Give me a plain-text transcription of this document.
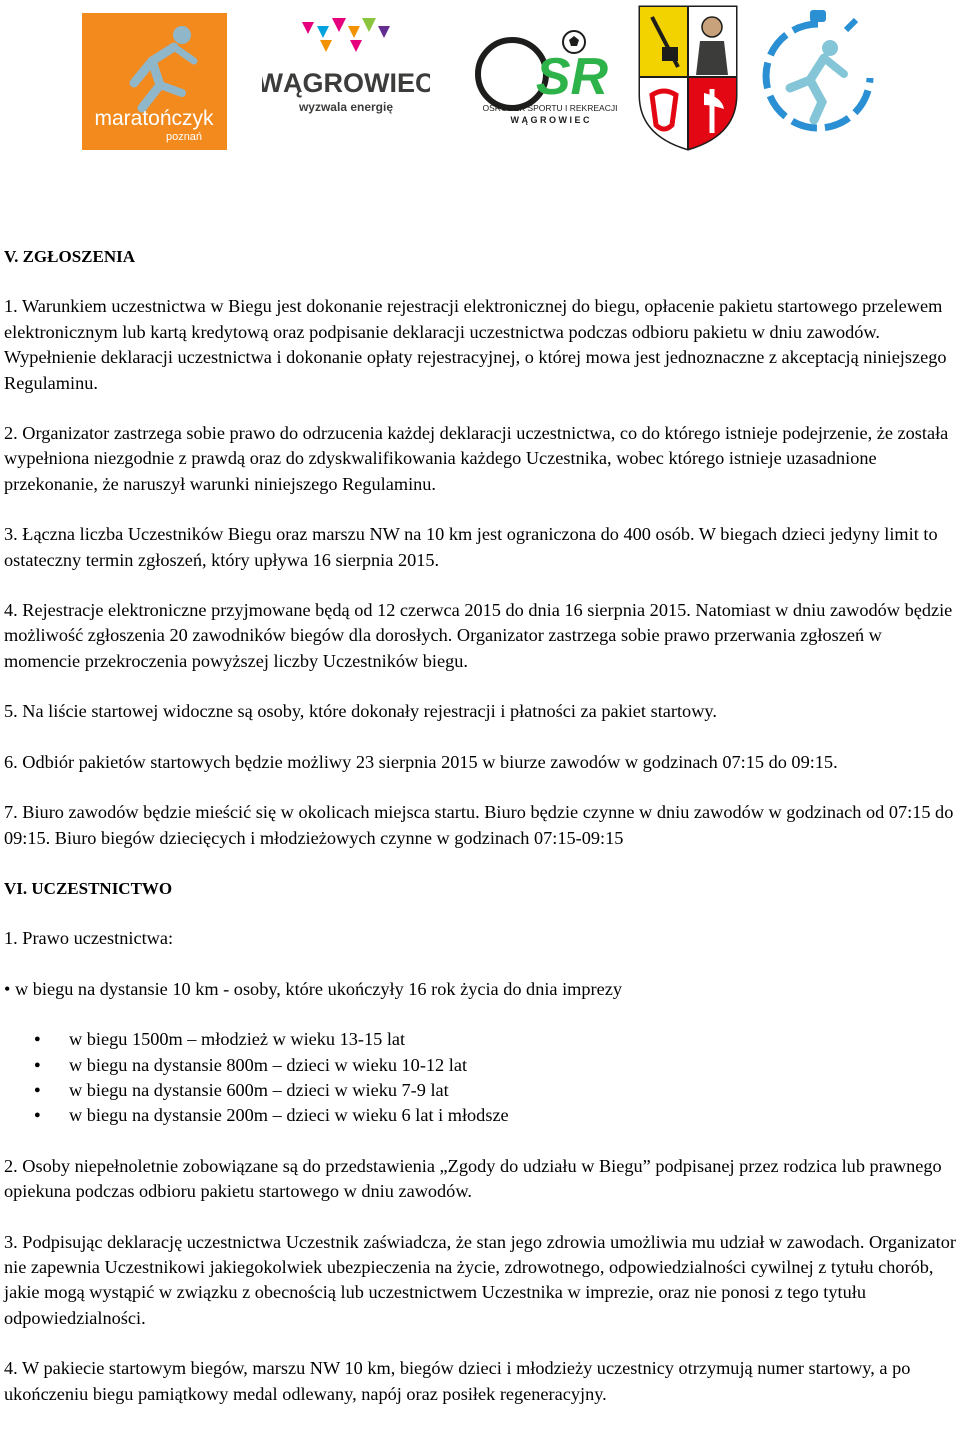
maratończyk
poznań
WĄGROWIEC
wyzwala energię
SR
OŚRODEK SPORTU I REKREACJI
W Ą G R O W I E C

V. ZGŁOSZENIA

1. Warunkiem uczestnictwa w Biegu jest dokonanie rejestracji elektronicznej do biegu, opłacenie pakietu startowego przelewem elektronicznym lub kartą kredytową oraz podpisanie deklaracji uczestnictwa podczas odbioru pakietu w dniu zawodów. Wypełnienie deklaracji uczestnictwa i dokonanie opłaty rejestracyjnej, o której mowa jest jednoznaczne z akceptacją niniejszego Regulaminu.

2. Organizator zastrzega sobie prawo do odrzucenia każdej deklaracji uczestnictwa, co do którego istnieje podejrzenie, że została wypełniona niezgodnie z prawdą oraz do zdyskwalifikowania każdego Uczestnika, wobec którego istnieje uzasadnione przekonanie, że naruszył warunki niniejszego Regulaminu.

3. Łączna liczba Uczestników Biegu oraz marszu NW na 10 km jest ograniczona do 400 osób. W biegach dzieci jedyny limit to ostateczny termin zgłoszeń, który upływa 16 sierpnia 2015.

4. Rejestracje elektroniczne przyjmowane będą od 12 czerwca 2015 do dnia 16 sierpnia 2015. Natomiast w dniu zawodów będzie możliwość zgłoszenia 20 zawodników biegów dla dorosłych. Organizator zastrzega sobie prawo przerwania zgłoszeń w momencie przekroczenia powyższej liczby Uczestników biegu.

5. Na liście startowej widoczne są osoby, które dokonały rejestracji i płatności za pakiet startowy.

6. Odbiór pakietów startowych będzie możliwy 23 sierpnia 2015 w biurze zawodów w godzinach 07:15 do 09:15.

7. Biuro zawodów będzie mieścić się w okolicach miejsca startu. Biuro będzie czynne w dniu zawodów w godzinach od 07:15 do 09:15. Biuro biegów dziecięcych i młodzieżowych czynne w godzinach 07:15-09:15

VI. UCZESTNICTWO

1. Prawo uczestnictwa:

• w biegu na dystansie 10 km - osoby, które ukończyły 16 rok życia do dnia imprezy

● w biegu 1500m – młodzież w wieku 13-15 lat
● w biegu na dystansie 800m – dzieci w wieku 10-12 lat
● w biegu na dystansie 600m – dzieci w wieku 7-9 lat
● w biegu na dystansie 200m – dzieci w wieku 6 lat i młodsze

2. Osoby niepełnoletnie zobowiązane są do przedstawienia „Zgody do udziału w Biegu” podpisanej przez rodzica lub prawnego opiekuna podczas odbioru pakietu startowego w dniu zawodów.

3. Podpisując deklarację uczestnictwa Uczestnik zaświadcza, że stan jego zdrowia umożliwia mu udział w zawodach. Organizator nie zapewnia Uczestnikowi jakiegokolwiek ubezpieczenia na życie, zdrowotnego, odpowiedzialności cywilnej z tytułu chorób, jakie mogą wystąpić w związku z obecnością lub uczestnictwem Uczestnika w imprezie, oraz nie ponosi z tego tytułu odpowiedzialności.

4. W pakiecie startowym biegów, marszu NW 10 km, biegów dzieci i młodzieży uczestnicy otrzymują numer startowy, a po ukończeniu biegu pamiątkowy medal odlewany, napój oraz posiłek regeneracyjny.
